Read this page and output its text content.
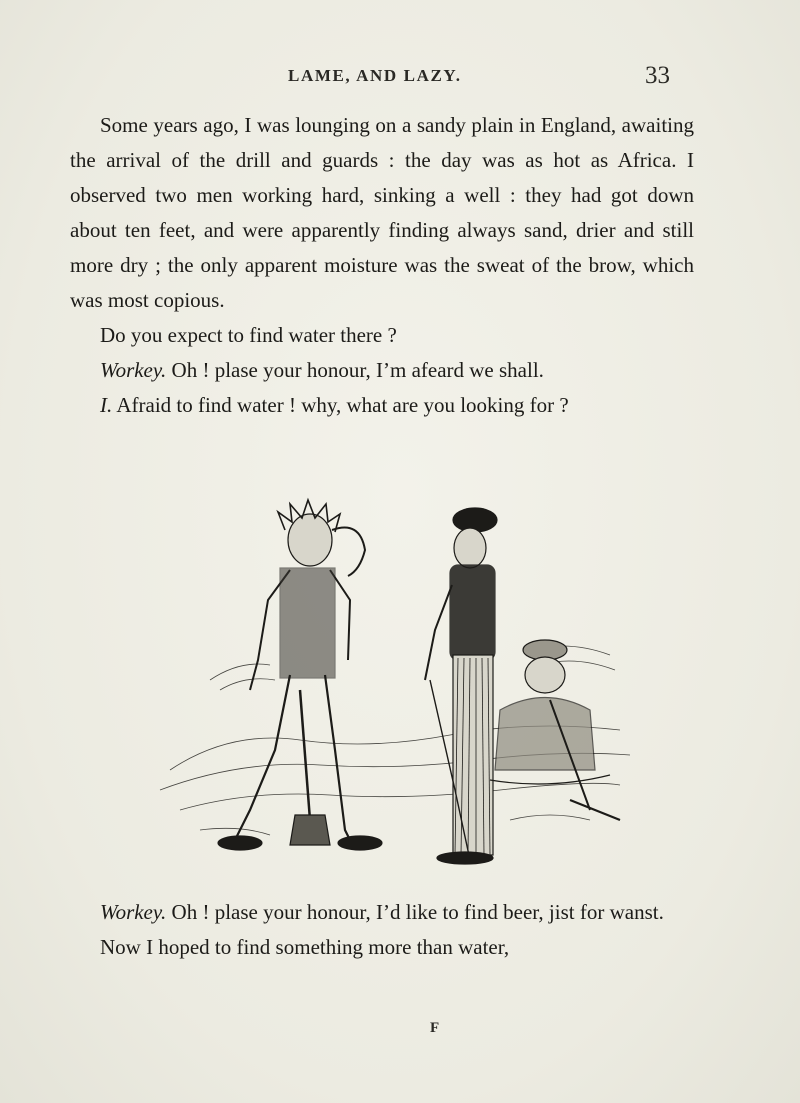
LAME, AND LAZY.	33

Some years ago, I was lounging on a sandy plain in England, awaiting the arrival of the drill and guards : the day was as hot as Africa. I observed two men working hard, sinking a well : they had got down about ten feet, and were apparently finding always sand, drier and still more dry ; the only apparent moisture was the sweat of the brow, which was most copious.

Do you expect to find water there ?

Workey. Oh ! plase your honour, I’m afeard we shall.

I. Afraid to find water ! why, what are you looking for ?

Workey. Oh ! plase your honour, I’d like to find beer, jist for wanst.

Now I hoped to find something more than water,

F
